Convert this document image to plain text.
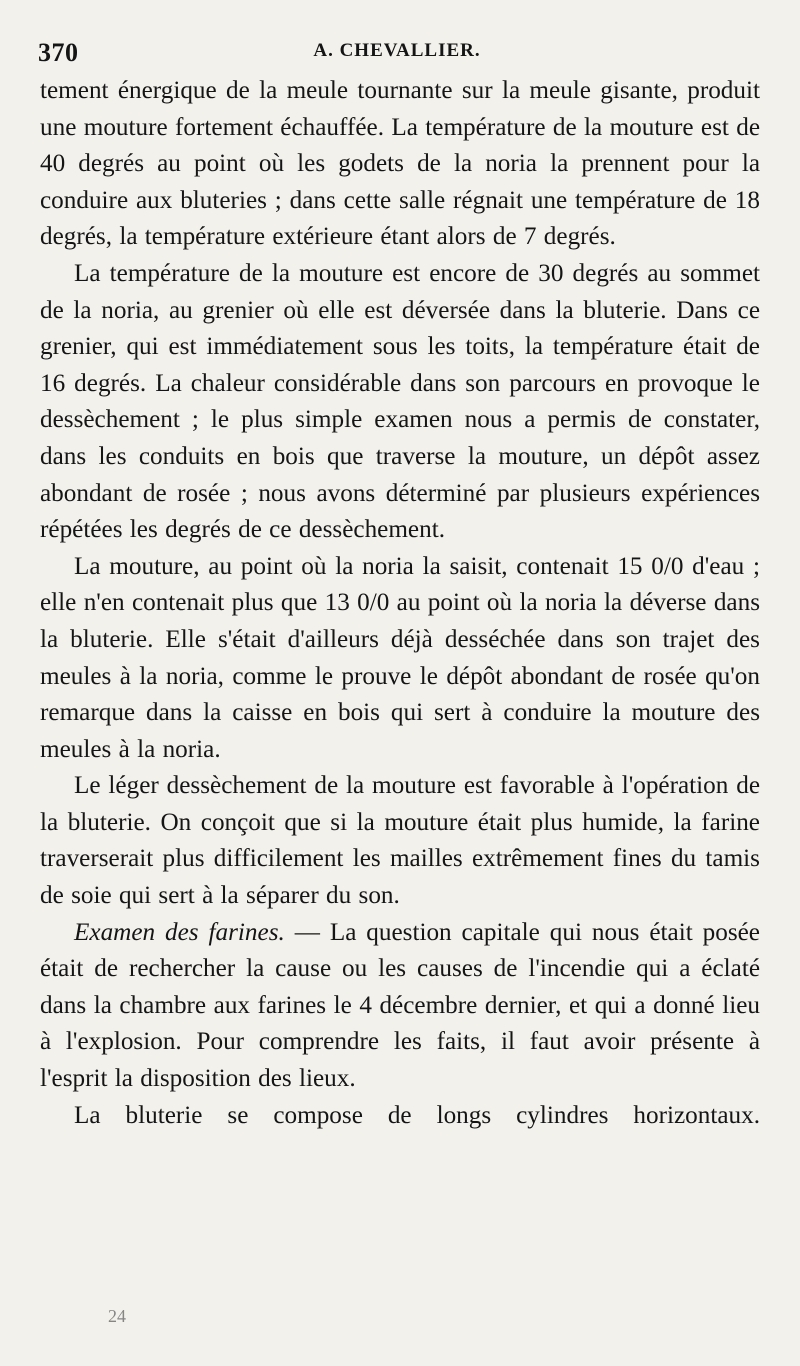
370	A. CHEVALLIER.

tement énergique de la meule tournante sur la meule gisante, produit une mouture fortement échauffée. La température de la mouture est de 40 degrés au point où les godets de la noria la prennent pour la conduire aux bluteries ; dans cette salle régnait une température de 18 degrés, la température extérieure étant alors de 7 degrés.

La température de la mouture est encore de 30 degrés au sommet de la noria, au grenier où elle est déversée dans la bluterie. Dans ce grenier, qui est immédiatement sous les toits, la température était de 16 degrés. La chaleur considérable dans son parcours en provoque le dessèchement ; le plus simple examen nous a permis de constater, dans les conduits en bois que traverse la mouture, un dépôt assez abondant de rosée ; nous avons déterminé par plusieurs expériences répétées les degrés de ce dessèchement.

La mouture, au point où la noria la saisit, contenait 15 0/0 d'eau ; elle n'en contenait plus que 13 0/0 au point où la noria la déverse dans la bluterie. Elle s'était d'ailleurs déjà desséchée dans son trajet des meules à la noria, comme le prouve le dépôt abondant de rosée qu'on remarque dans la caisse en bois qui sert à conduire la mouture des meules à la noria.

Le léger dessèchement de la mouture est favorable à l'opération de la bluterie. On conçoit que si la mouture était plus humide, la farine traverserait plus difficilement les mailles extrêmement fines du tamis de soie qui sert à la séparer du son.

Examen des farines. — La question capitale qui nous était posée était de rechercher la cause ou les causes de l'incendie qui a éclaté dans la chambre aux farines le 4 décembre dernier, et qui a donné lieu à l'explosion. Pour comprendre les faits, il faut avoir présente à l'esprit la disposition des lieux.

La bluterie se compose de longs cylindres horizontaux.

24
